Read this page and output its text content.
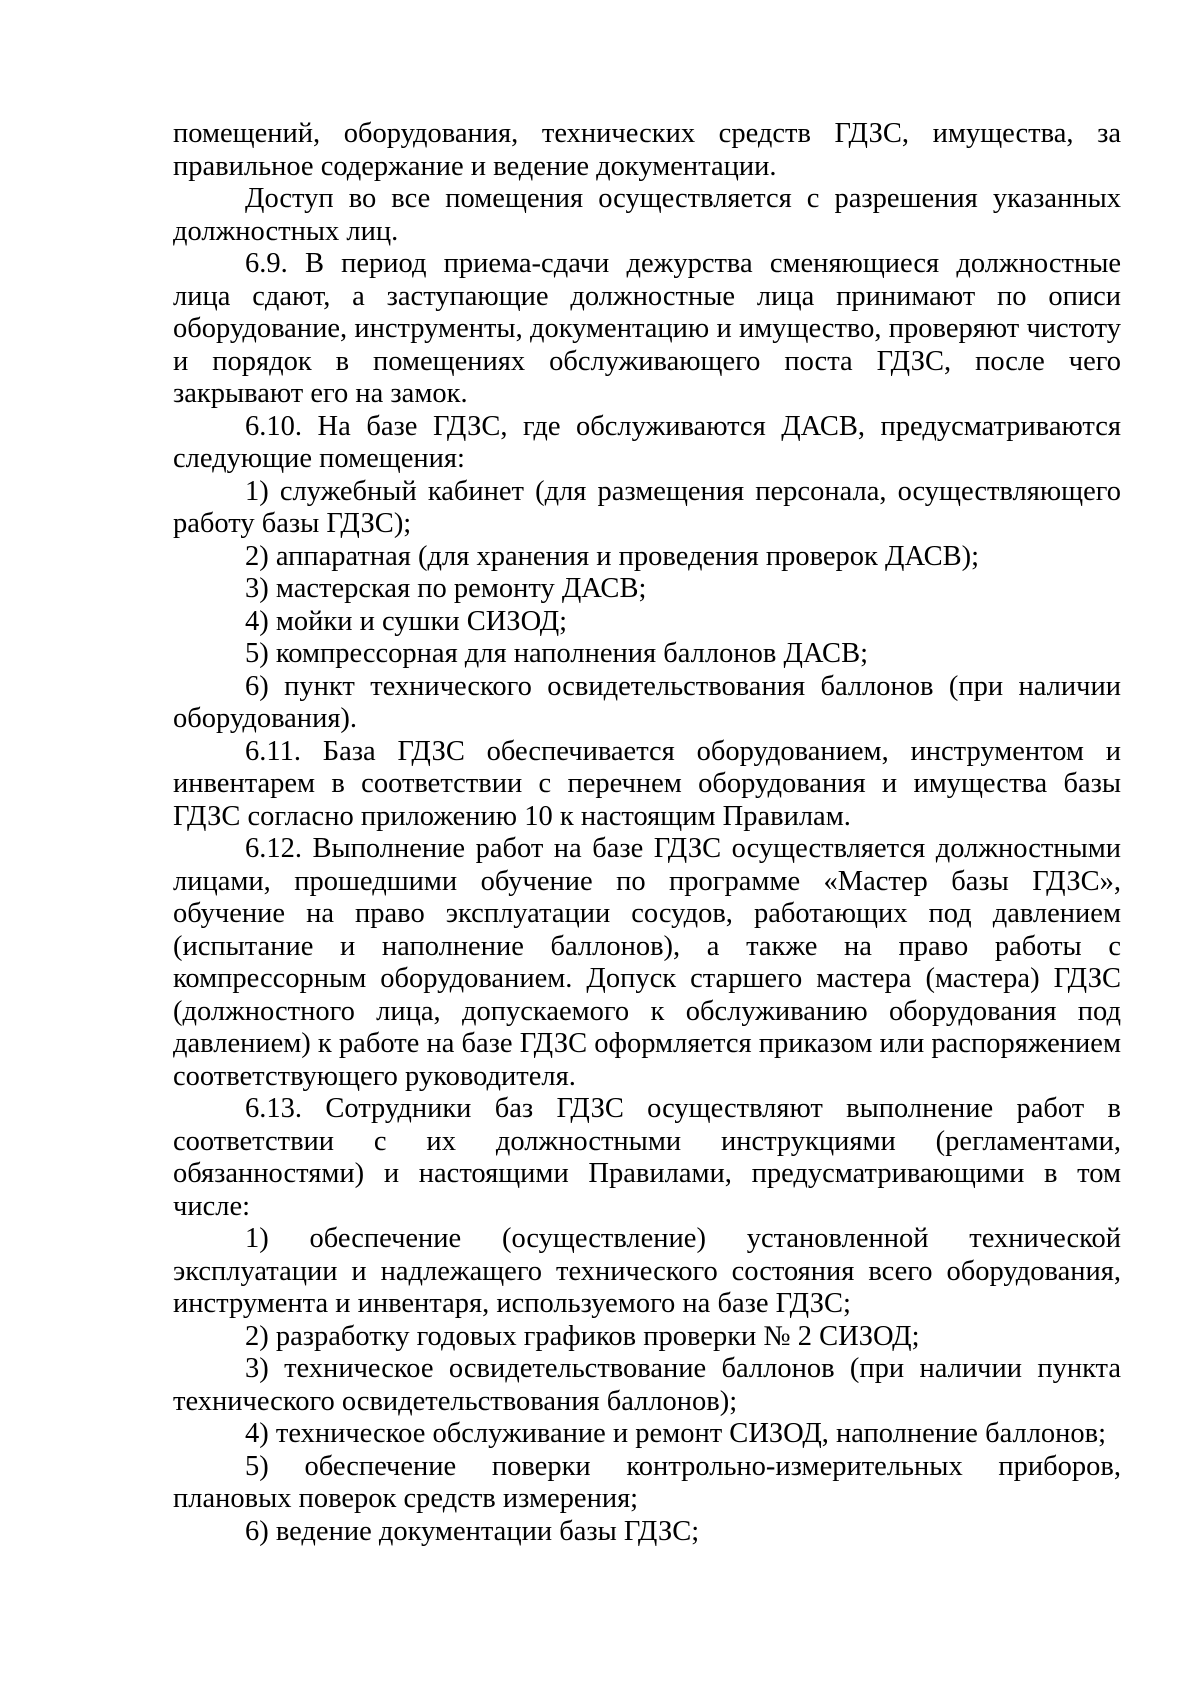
помещений, оборудования, технических средств ГДЗС, имущества, за правильное содержание и ведение документации.

Доступ во все помещения осуществляется с разрешения указанных должностных лиц.

6.9. В период приема-сдачи дежурства сменяющиеся должностные лица сдают, а заступающие должностные лица принимают по описи оборудование, инструменты, документацию и имущество, проверяют чистоту и порядок в помещениях обслуживающего поста ГДЗС, после чего закрывают его на замок.

6.10. На базе ГДЗС, где обслуживаются ДАСВ, предусматриваются следующие помещения:

1) служебный кабинет (для размещения персонала, осуществляющего работу базы ГДЗС);

2) аппаратная (для хранения и проведения проверок ДАСВ);

3) мастерская по ремонту ДАСВ;

4) мойки и сушки СИЗОД;

5) компрессорная для наполнения баллонов ДАСВ;

6) пункт технического освидетельствования баллонов (при наличии оборудования).

6.11. База ГДЗС обеспечивается оборудованием, инструментом и инвентарем в соответствии с перечнем оборудования и имущества базы ГДЗС согласно приложению 10 к настоящим Правилам.

6.12. Выполнение работ на базе ГДЗС осуществляется должностными лицами, прошедшими обучение по программе «Мастер базы ГДЗС», обучение на право эксплуатации сосудов, работающих под давлением (испытание и наполнение баллонов), а также на право работы с компрессорным оборудованием. Допуск старшего мастера (мастера) ГДЗС (должностного лица, допускаемого к обслуживанию оборудования под давлением) к работе на базе ГДЗС оформляется приказом или распоряжением соответствующего руководителя.

6.13. Сотрудники баз ГДЗС осуществляют выполнение работ в соответствии с их должностными инструкциями (регламентами, обязанностями) и настоящими Правилами, предусматривающими в том числе:

1) обеспечение (осуществление) установленной технической эксплуатации и надлежащего технического состояния всего оборудования, инструмента и инвентаря, используемого на базе ГДЗС;

2) разработку годовых графиков проверки № 2 СИЗОД;

3) техническое освидетельствование баллонов (при наличии пункта технического освидетельствования баллонов);

4) техническое обслуживание и ремонт СИЗОД, наполнение баллонов;

5) обеспечение поверки контрольно-измерительных приборов, плановых поверок средств измерения;

6) ведение документации базы ГДЗС;
